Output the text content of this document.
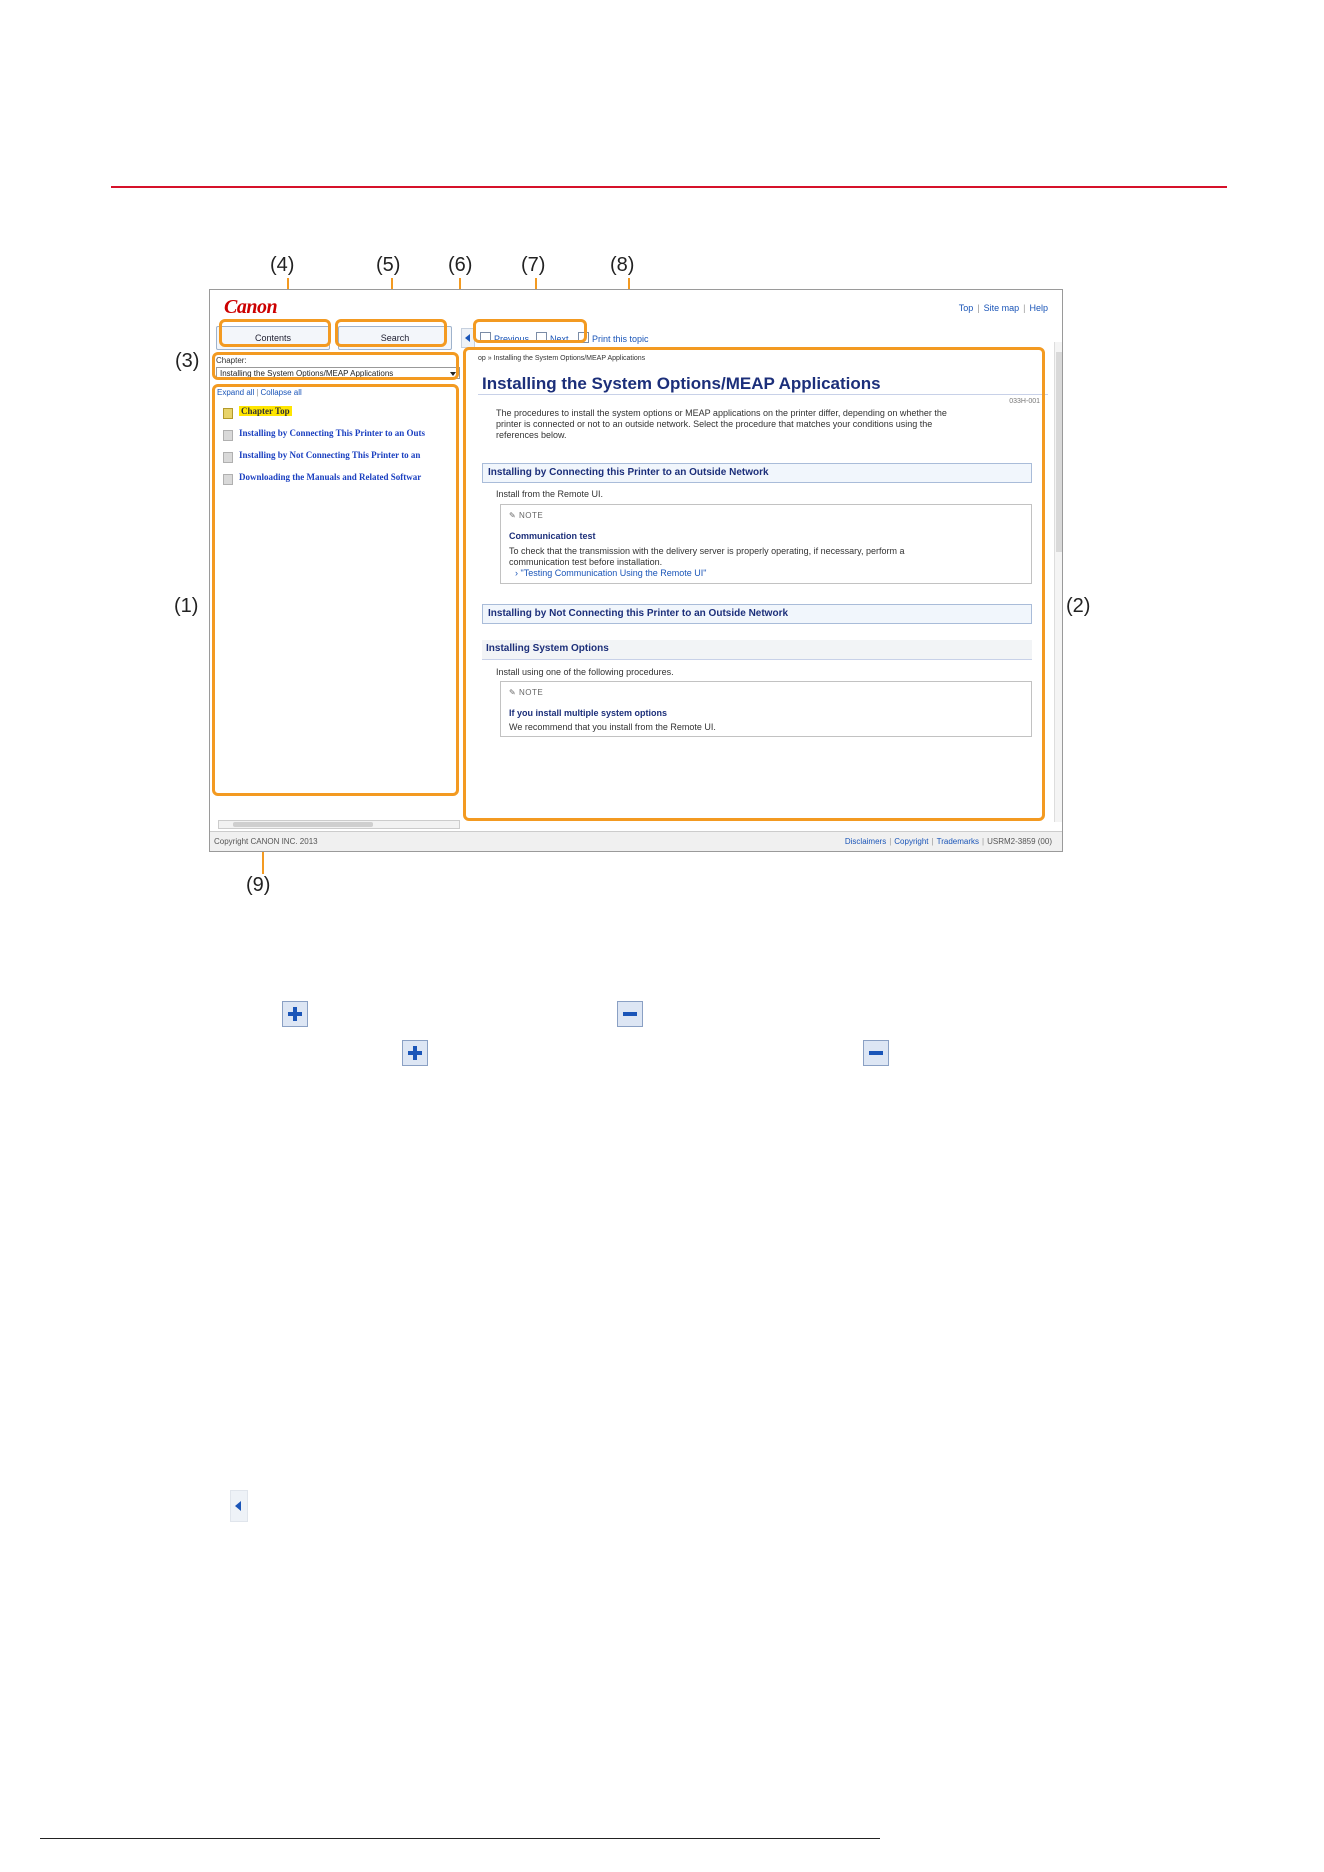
(4)	(5) (6) (7)	(8)
(3)
(1)	(2)
(9)
Canon	Top | Site map | Help
Contents	Search	Previous	Next	Print this topic
Chapter:
Installing the System Options/MEAP Applications
Expand all | Collapse all
Chapter Top
Installing by Connecting This Printer to an Outs
Installing by Not Connecting This Printer to an
Downloading the Manuals and Related Softwar
op » Installing the System Options/MEAP Applications
Installing the System Options/MEAP Applications
033H-001
The procedures to install the system options or MEAP applications on the printer differ, depending on whether the
printer is connected or not to an outside network. Select the procedure that matches your conditions using the
references below.
Installing by Connecting this Printer to an Outside Network
Install from the Remote UI.
✎ NOTE
Communication test
To check that the transmission with the delivery server is properly operating, if necessary, perform a
communication test before installation.
› "Testing Communication Using the Remote UI"
Installing by Not Connecting this Printer to an Outside Network
Installing System Options
Install using one of the following procedures.
✎ NOTE
If you install multiple system options
We recommend that you install from the Remote UI.
Copyright CANON INC. 2013	Disclaimers | Copyright | Trademarks | USRM2-3859 (00)
